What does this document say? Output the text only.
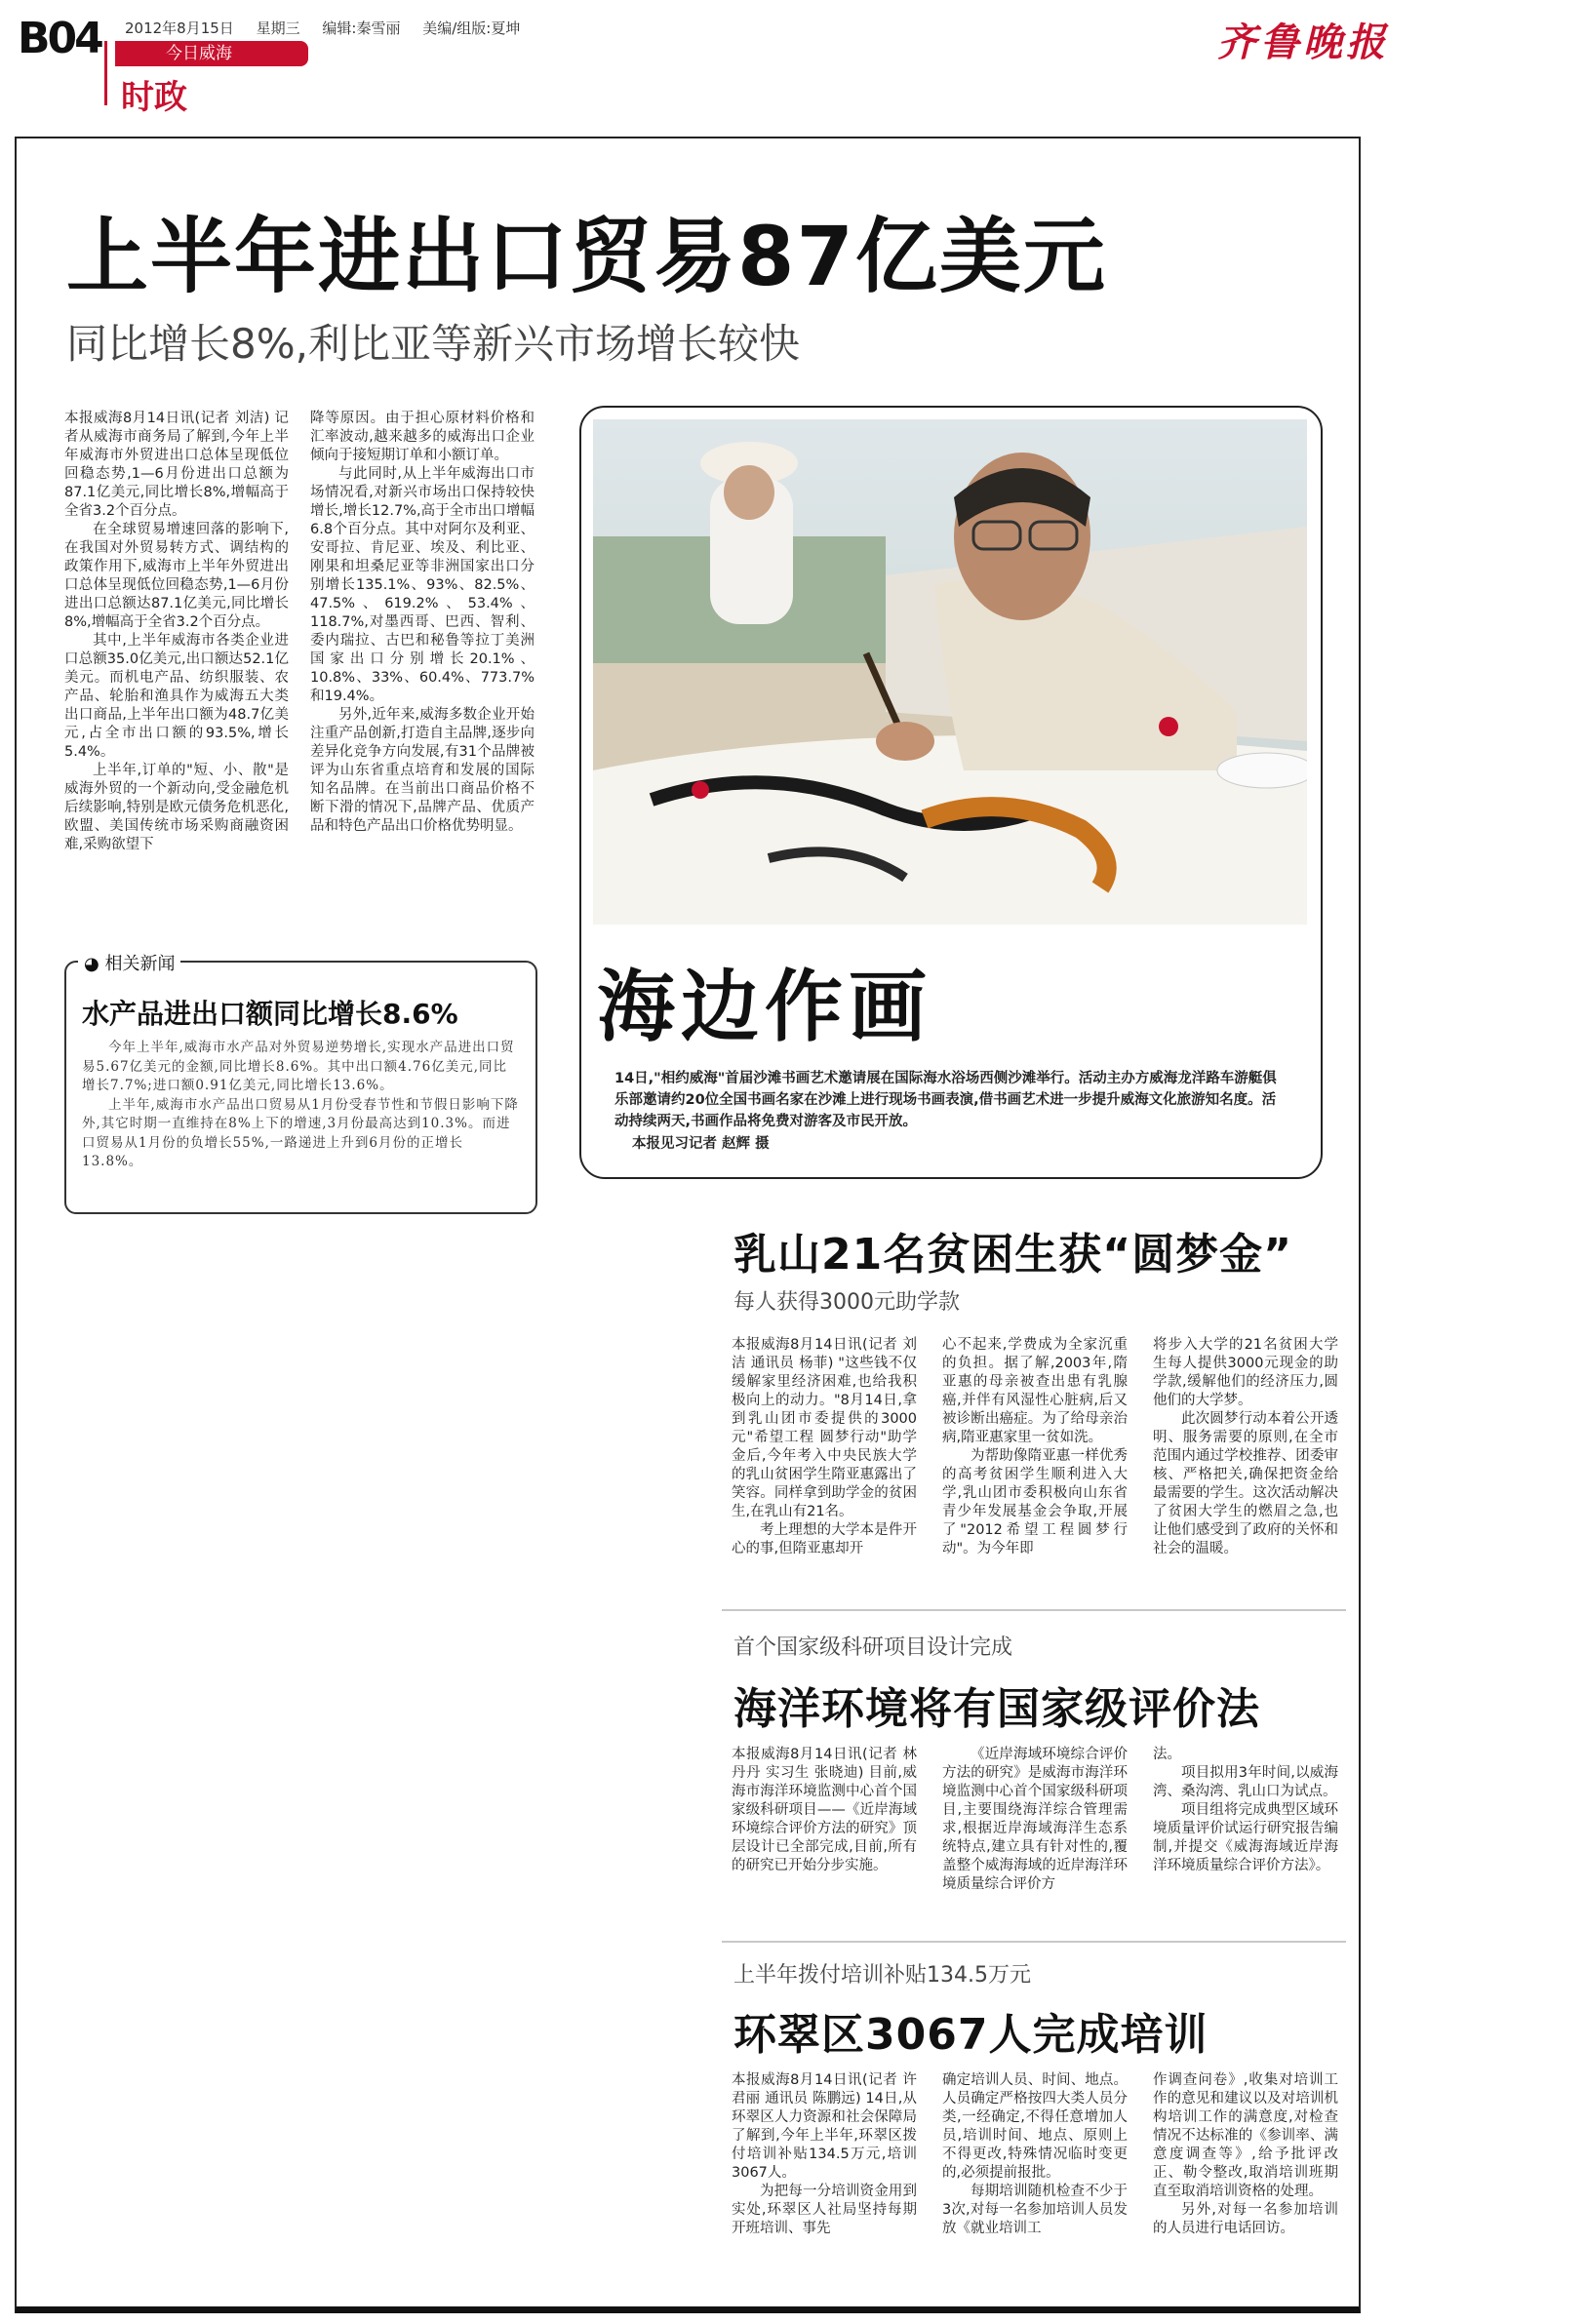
B04 2012年8月15日 星期三 编辑:秦雪丽 美编/组版:夏坤
今日威海
时政
齐鲁晚报
上半年进出口贸易87亿美元
同比增长8%,利比亚等新兴市场增长较快

本报威海8月14日讯(记者 刘洁) 记者从威海市商务局了解到,今年上半年威海市外贸进出口总体呈现低位回稳态势,1—6月份进出口总额为87.1亿美元,同比增长8%,增幅高于全省3.2个百分点。

在全球贸易增速回落的影响下,在我国对外贸易转方式、调结构的政策作用下,威海市上半年外贸进出口总体呈现低位回稳态势,1—6月份进出口总额达87.1亿美元,同比增长8%,增幅高于全省3.2个百分点。

其中,上半年威海市各类企业进口总额35.0亿美元,出口额达52.1亿美元。而机电产品、纺织服装、农产品、轮胎和渔具作为威海五大类出口商品,上半年出口额为48.7亿美元,占全市出口额的93.5%,增长5.4%。

上半年,订单的"短、小、散"是威海外贸的一个新动向,受金融危机后续影响,特别是欧元债务危机恶化,欧盟、美国传统市场采购商融资困难,采购欲望下

降等原因。由于担心原材料价格和汇率波动,越来越多的威海出口企业倾向于接短期订单和小额订单。

与此同时,从上半年威海出口市场情况看,对新兴市场出口保持较快增长,增长12.7%,高于全市出口增幅6.8个百分点。其中对阿尔及利亚、安哥拉、肯尼亚、埃及、利比亚、刚果和坦桑尼亚等非洲国家出口分别增长135.1%、93%、82.5%、47.5%、619.2%、53.4%、118.7%,对墨西哥、巴西、智利、委内瑞拉、古巴和秘鲁等拉丁美洲国家出口分别增长20.1%、10.8%、33%、60.4%、773.7%和19.4%。

另外,近年来,威海多数企业开始注重产品创新,打造自主品牌,逐步向差异化竞争方向发展,有31个品牌被评为山东省重点培育和发展的国际知名品牌。在当前出口商品价格不断下滑的情况下,品牌产品、优质产品和特色产品出口价格优势明显。

海边作画
14日,"相约威海"首届沙滩书画艺术邀请展在国际海水浴场西侧沙滩举行。活动主办方威海龙洋路车游艇俱乐部邀请约20位全国书画名家在沙滩上进行现场书画表演,借书画艺术进一步提升威海文化旅游知名度。活动持续两天,书画作品将免费对游客及市民开放。
本报见习记者 赵辉 摄
◕ 相关新闻
水产品进出口额同比增长8.6%

今年上半年,威海市水产品对外贸易逆势增长,实现水产品进出口贸易5.67亿美元的金额,同比增长8.6%。其中出口额4.76亿美元,同比增长7.7%;进口额0.91亿美元,同比增长13.6%。

上半年,威海市水产品出口贸易从1月份受春节性和节假日影响下降外,其它时期一直维持在8%上下的增速,3月份最高达到10.3%。而进口贸易从1月份的负增长55%,一路递进上升到6月份的正增长13.8%。

乳山21名贫困生获“圆梦金”
每人获得3000元助学款

本报威海8月14日讯(记者 刘洁 通讯员 杨菲) "这些钱不仅缓解家里经济困难,也给我积极向上的动力。"8月14日,拿到乳山团市委提供的3000元"希望工程 圆梦行动"助学金后,今年考入中央民族大学的乳山贫困学生隋亚惠露出了笑容。同样拿到助学金的贫困生,在乳山有21名。

考上理想的大学本是件开心的事,但隋亚惠却开

心不起来,学费成为全家沉重的负担。据了解,2003年,隋亚惠的母亲被查出患有乳腺癌,并伴有风湿性心脏病,后又被诊断出癌症。为了给母亲治病,隋亚惠家里一贫如洗。

为帮助像隋亚惠一样优秀的高考贫困学生顺利进入大学,乳山团市委积极向山东省青少年发展基金会争取,开展了"2012希望工程圆梦行动"。为今年即

将步入大学的21名贫困大学生每人提供3000元现金的助学款,缓解他们的经济压力,圆他们的大学梦。

此次圆梦行动本着公开透明、服务需要的原则,在全市范围内通过学校推荐、团委审核、严格把关,确保把资金给最需要的学生。这次活动解决了贫困大学生的燃眉之急,也让他们感受到了政府的关怀和社会的温暖。

首个国家级科研项目设计完成
海洋环境将有国家级评价法

本报威海8月14日讯(记者 林丹丹 实习生 张晓迪) 目前,威海市海洋环境监测中心首个国家级科研项目——《近岸海域环境综合评价方法的研究》顶层设计已全部完成,目前,所有的研究已开始分步实施。

《近岸海域环境综合评价方法的研究》是威海市海洋环境监测中心首个国家级科研项目,主要围绕海洋综合管理需求,根据近岸海域海洋生态系统特点,建立具有针对性的,覆盖整个威海海域的近岸海洋环境质量综合评价方

法。

项目拟用3年时间,以威海湾、桑沟湾、乳山口为试点。

项目组将完成典型区域环境质量评价试运行研究报告编制,并提交《威海海域近岸海洋环境质量综合评价方法》。

上半年拨付培训补贴134.5万元
环翠区3067人完成培训

本报威海8月14日讯(记者 许君丽 通讯员 陈鹏远) 14日,从环翠区人力资源和社会保障局了解到,今年上半年,环翠区拨付培训补贴134.5万元,培训3067人。

为把每一分培训资金用到实处,环翠区人社局坚持每期开班培训、事先

确定培训人员、时间、地点。人员确定严格按四大类人员分类,一经确定,不得任意增加人员,培训时间、地点、原则上不得更改,特殊情况临时变更的,必须提前报批。

每期培训随机检查不少于3次,对每一名参加培训人员发放《就业培训工

作调查问卷》,收集对培训工作的意见和建议以及对培训机构培训工作的满意度,对检查情况不达标准的《参训率、满意度调查等》,给予批评改正、勒令整改,取消培训班期直至取消培训资格的处理。

另外,对每一名参加培训的人员进行电话回访。
